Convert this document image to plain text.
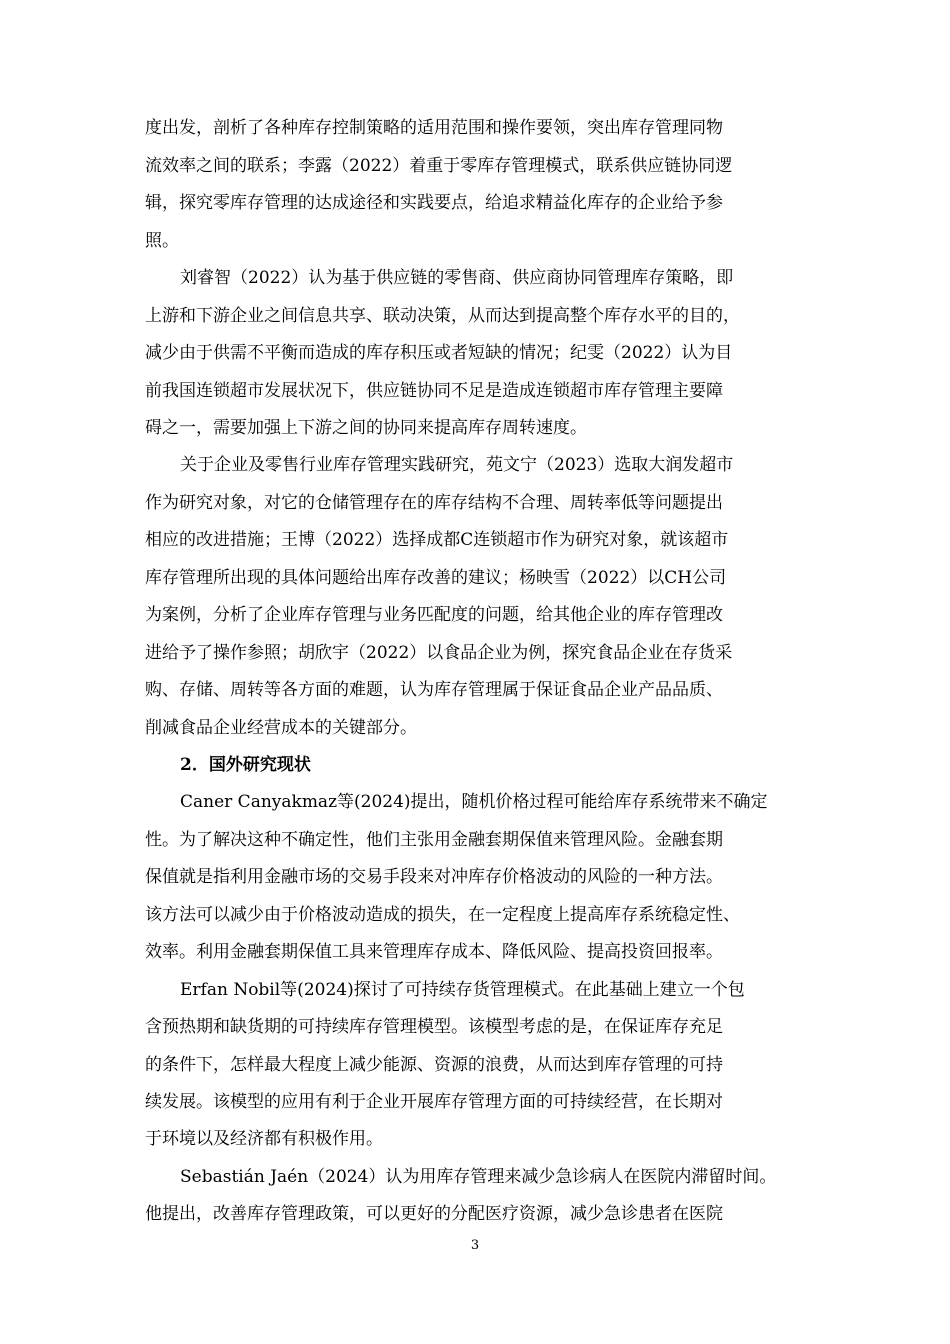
度出发，剖析了各种库存控制策略的适用范围和操作要领，突出库存管理同物
流效率之间的联系；李露（2022）着重于零库存管理模式，联系供应链协同逻
辑，探究零库存管理的达成途径和实践要点，给追求精益化库存的企业给予参
照。
刘睿智（2022）认为基于供应链的零售商、供应商协同管理库存策略，即
上游和下游企业之间信息共享、联动决策，从而达到提高整个库存水平的目的，
减少由于供需不平衡而造成的库存积压或者短缺的情况；纪雯（2022）认为目
前我国连锁超市发展状况下，供应链协同不足是造成连锁超市库存管理主要障
碍之一，需要加强上下游之间的协同来提高库存周转速度。
关于企业及零售行业库存管理实践研究，苑文宁（2023）选取大润发超市
作为研究对象，对它的仓储管理存在的库存结构不合理、周转率低等问题提出
相应的改进措施；王博（2022）选择成都C连锁超市作为研究对象，就该超市
库存管理所出现的具体问题给出库存改善的建议；杨映雪（2022）以CH公司
为案例，分析了企业库存管理与业务匹配度的问题，给其他企业的库存管理改
进给予了操作参照；胡欣宇（2022）以食品企业为例，探究食品企业在存货采
购、存储、周转等各方面的难题，认为库存管理属于保证食品企业产品品质、
削减食品企业经营成本的关键部分。
2．国外研究现状
Caner Canyakmaz等(2024)提出，随机价格过程可能给库存系统带来不确定
性。为了解决这种不确定性，他们主张用金融套期保值来管理风险。金融套期
保值就是指利用金融市场的交易手段来对冲库存价格波动的风险的一种方法。
该方法可以减少由于价格波动造成的损失，在一定程度上提高库存系统稳定性、
效率。利用金融套期保值工具来管理库存成本、降低风险、提高投资回报率。
Erfan Nobil等(2024)探讨了可持续存货管理模式。在此基础上建立一个包
含预热期和缺货期的可持续库存管理模型。该模型考虑的是，在保证库存充足
的条件下，怎样最大程度上减少能源、资源的浪费，从而达到库存管理的可持
续发展。该模型的应用有利于企业开展库存管理方面的可持续经营，在长期对
于环境以及经济都有积极作用。
Sebastián Jaén（2024）认为用库存管理来减少急诊病人在医院内滞留时间。
他提出，改善库存管理政策，可以更好的分配医疗资源，减少急诊患者在医院
3
